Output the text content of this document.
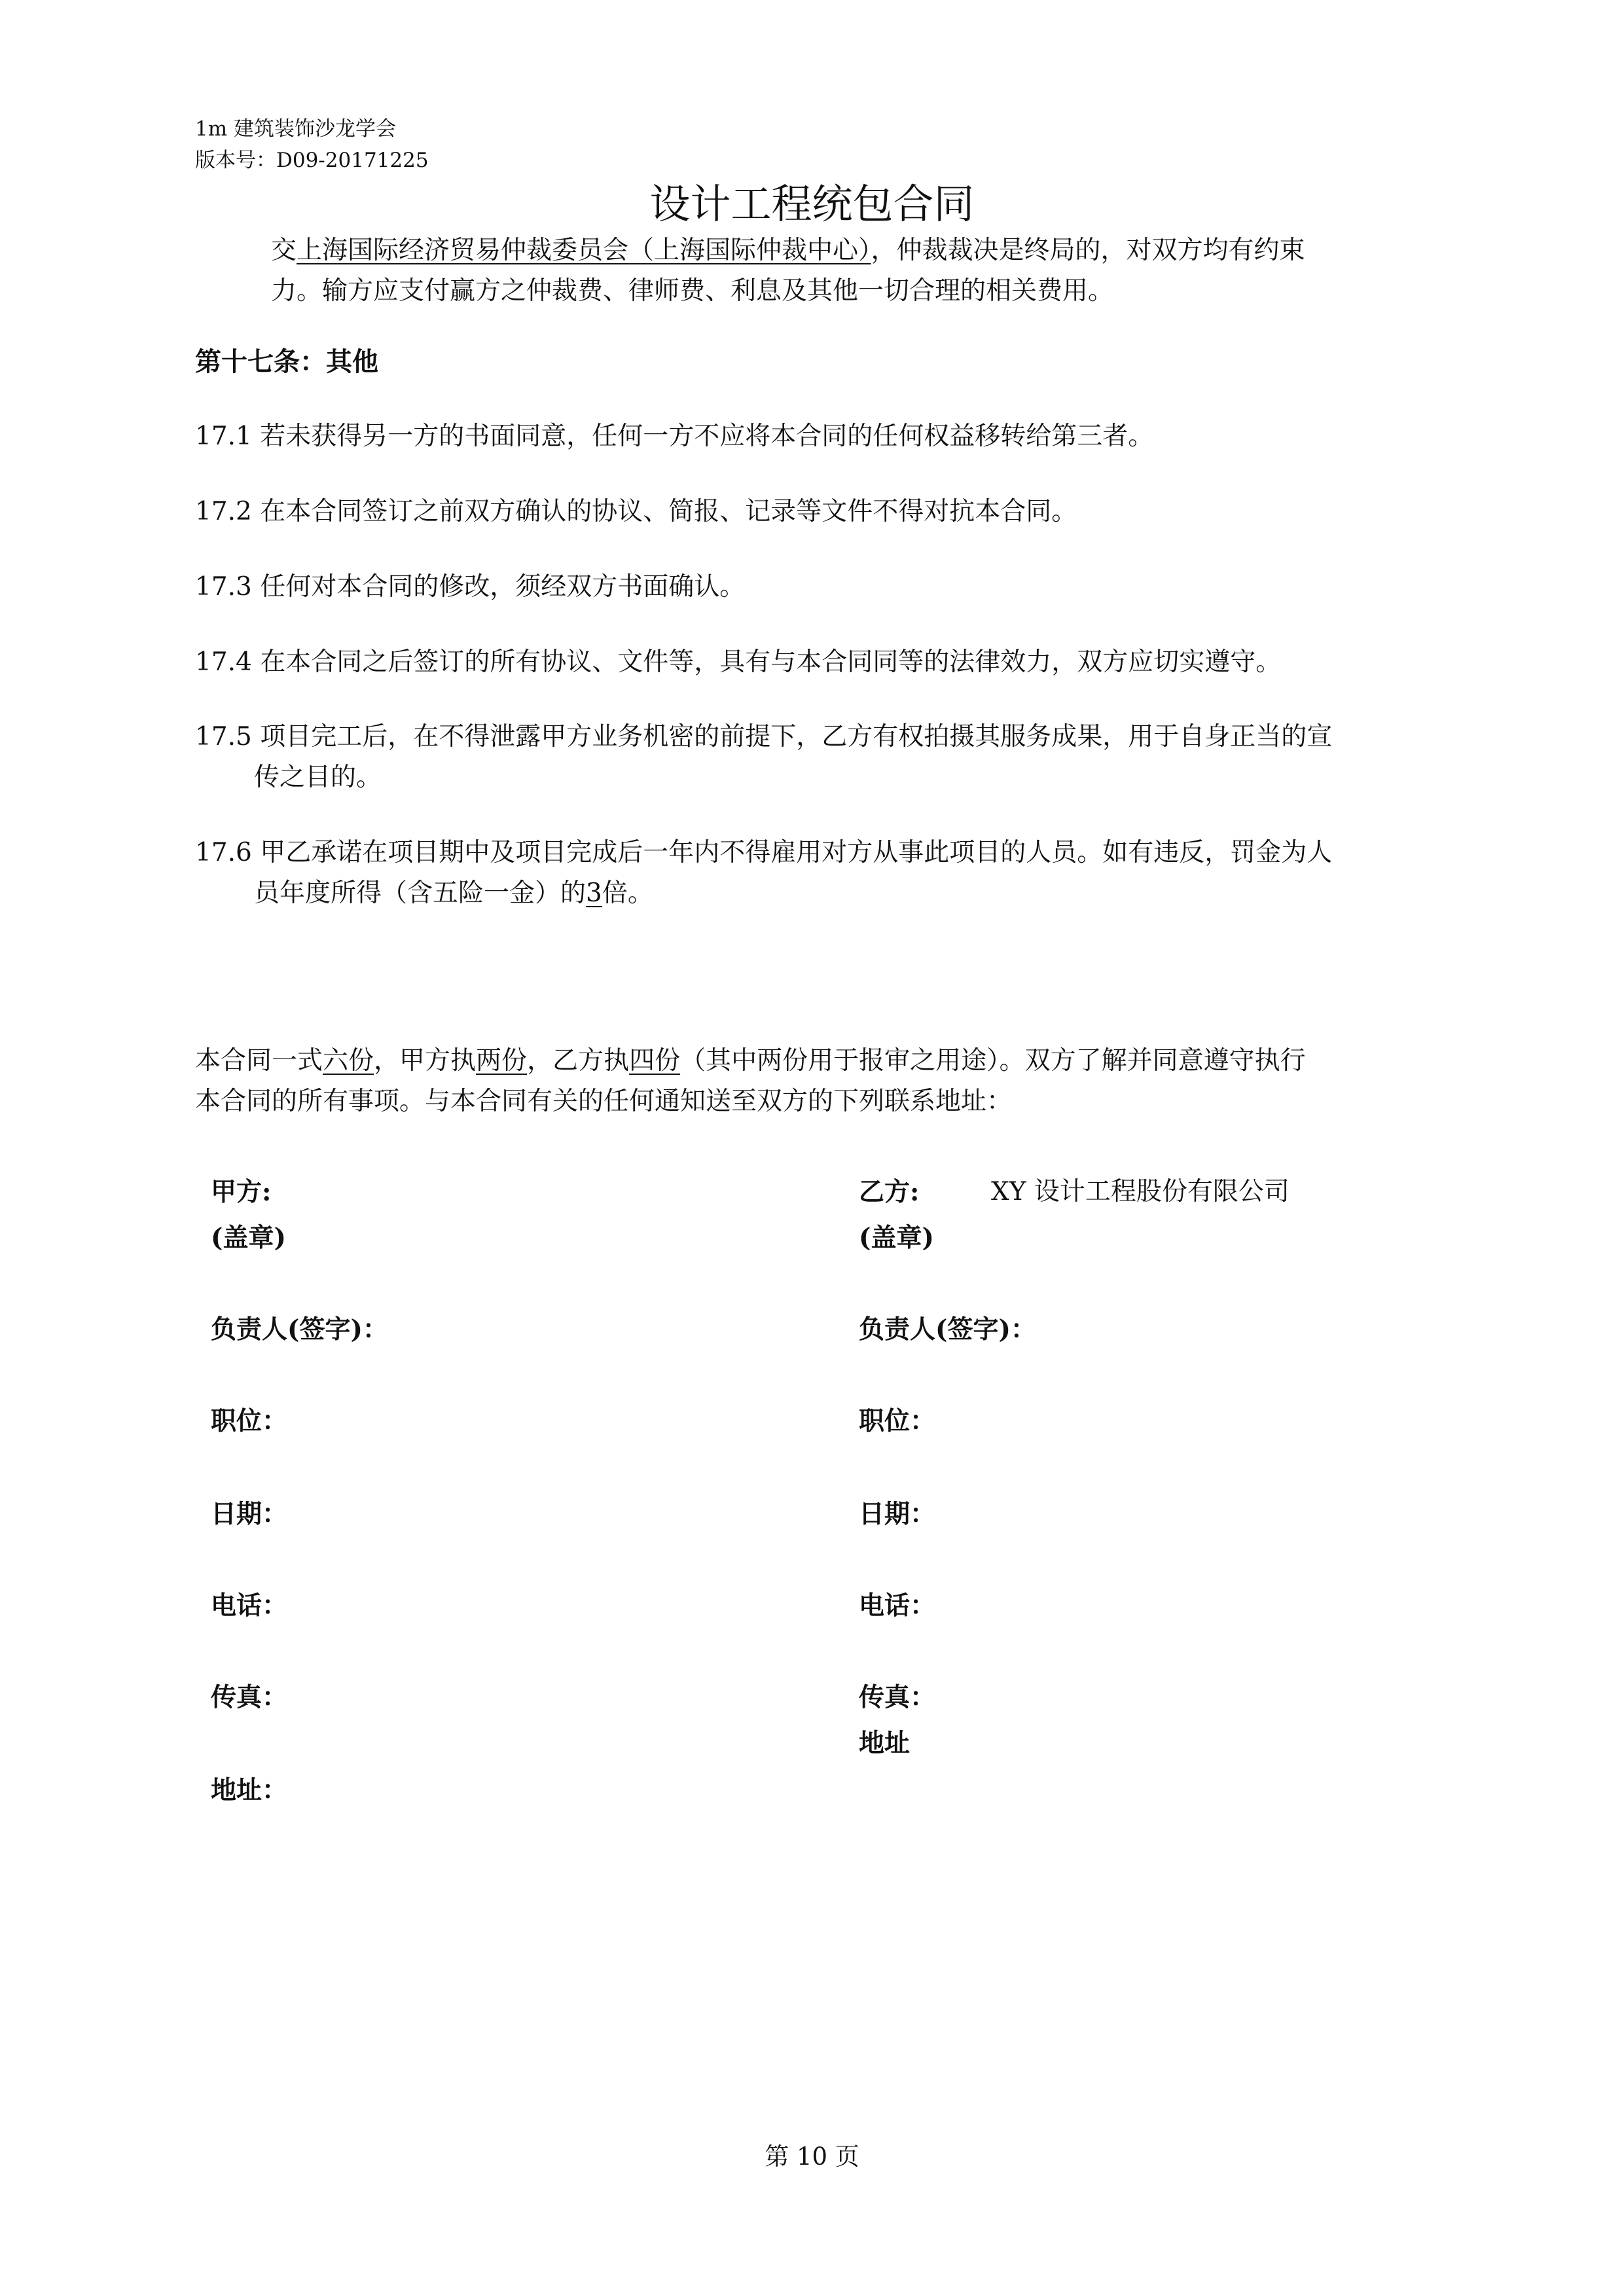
1m 建筑装饰沙龙学会
版本号：D09-20171225
设计工程统包合同
交上海国际经济贸易仲裁委员会（上海国际仲裁中心），仲裁裁决是终局的，对双方均有约束
力。输方应支付赢方之仲裁费、律师费、利息及其他一切合理的相关费用。
第十七条：其他
17.1 若未获得另一方的书面同意，任何一方不应将本合同的任何权益移转给第三者。
17.2 在本合同签订之前双方确认的协议、简报、记录等文件不得对抗本合同。
17.3 任何对本合同的修改，须经双方书面确认。
17.4 在本合同之后签订的所有协议、文件等，具有与本合同同等的法律效力，双方应切实遵守。
17.5 项目完工后，在不得泄露甲方业务机密的前提下，乙方有权拍摄其服务成果，用于自身正当的宣
传之目的。
17.6 甲乙承诺在项目期中及项目完成后一年内不得雇用对方从事此项目的人员。如有违反，罚金为人
员年度所得（含五险一金）的3倍。
本合同一式六份，甲方执两份，乙方执四份（其中两份用于报审之用途）。双方了解并同意遵守执行
本合同的所有事项。与本合同有关的任何通知送至双方的下列联系地址：
甲方:
(盖章)
负责人(签字)：
职位：
日期：
电话：
传真：
地址：
乙方:	XY 设计工程股份有限公司
(盖章)
负责人(签字)：
职位：
日期：
电话：
传真：
地址
第 10 页
